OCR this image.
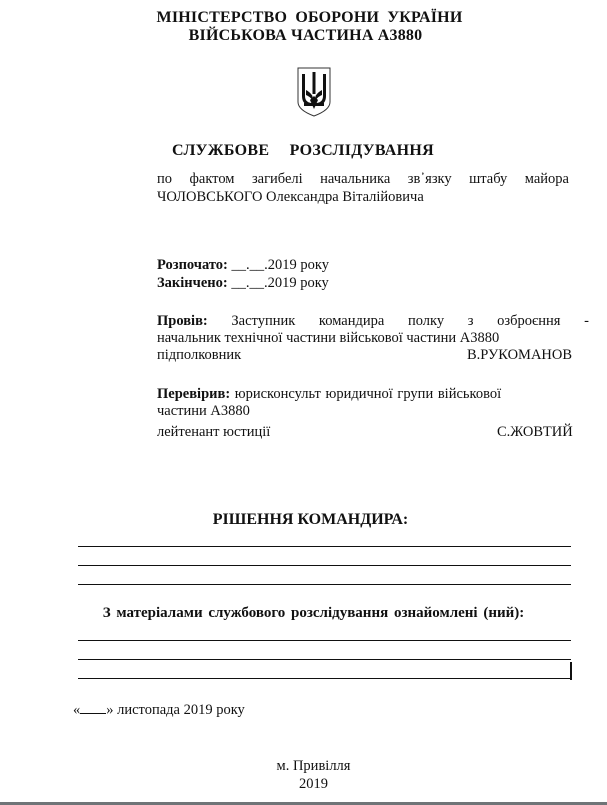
МІНІСТЕРСТВО ОБОРОНИ УКРАЇНИ
ВІЙСЬКОВА ЧАСТИНА А3880
СЛУЖБОВЕ РОЗСЛІДУВАННЯ
по фактом загибелі начальника зв᾽язку штабу майора
ЧОЛОВСЬКОГО Олександра Віталійовича
Розпочато: __.__.2019 року
Закінчено: __.__.2019 року
Провів: Заступник командира полку з озброєння -
начальник технічної частини військової частини А3880
підполковник	В.РУКОМАНОВ
Перевірив: юрисконсульт юридичної групи військової
частини А3880
лейтенант юстиції	С.ЖОВТИЙ
РІШЕННЯ КОМАНДИРА:
З матеріалами службового розслідування ознайомлені (ний):
« » листопада 2019 року
м. Привілля
2019
